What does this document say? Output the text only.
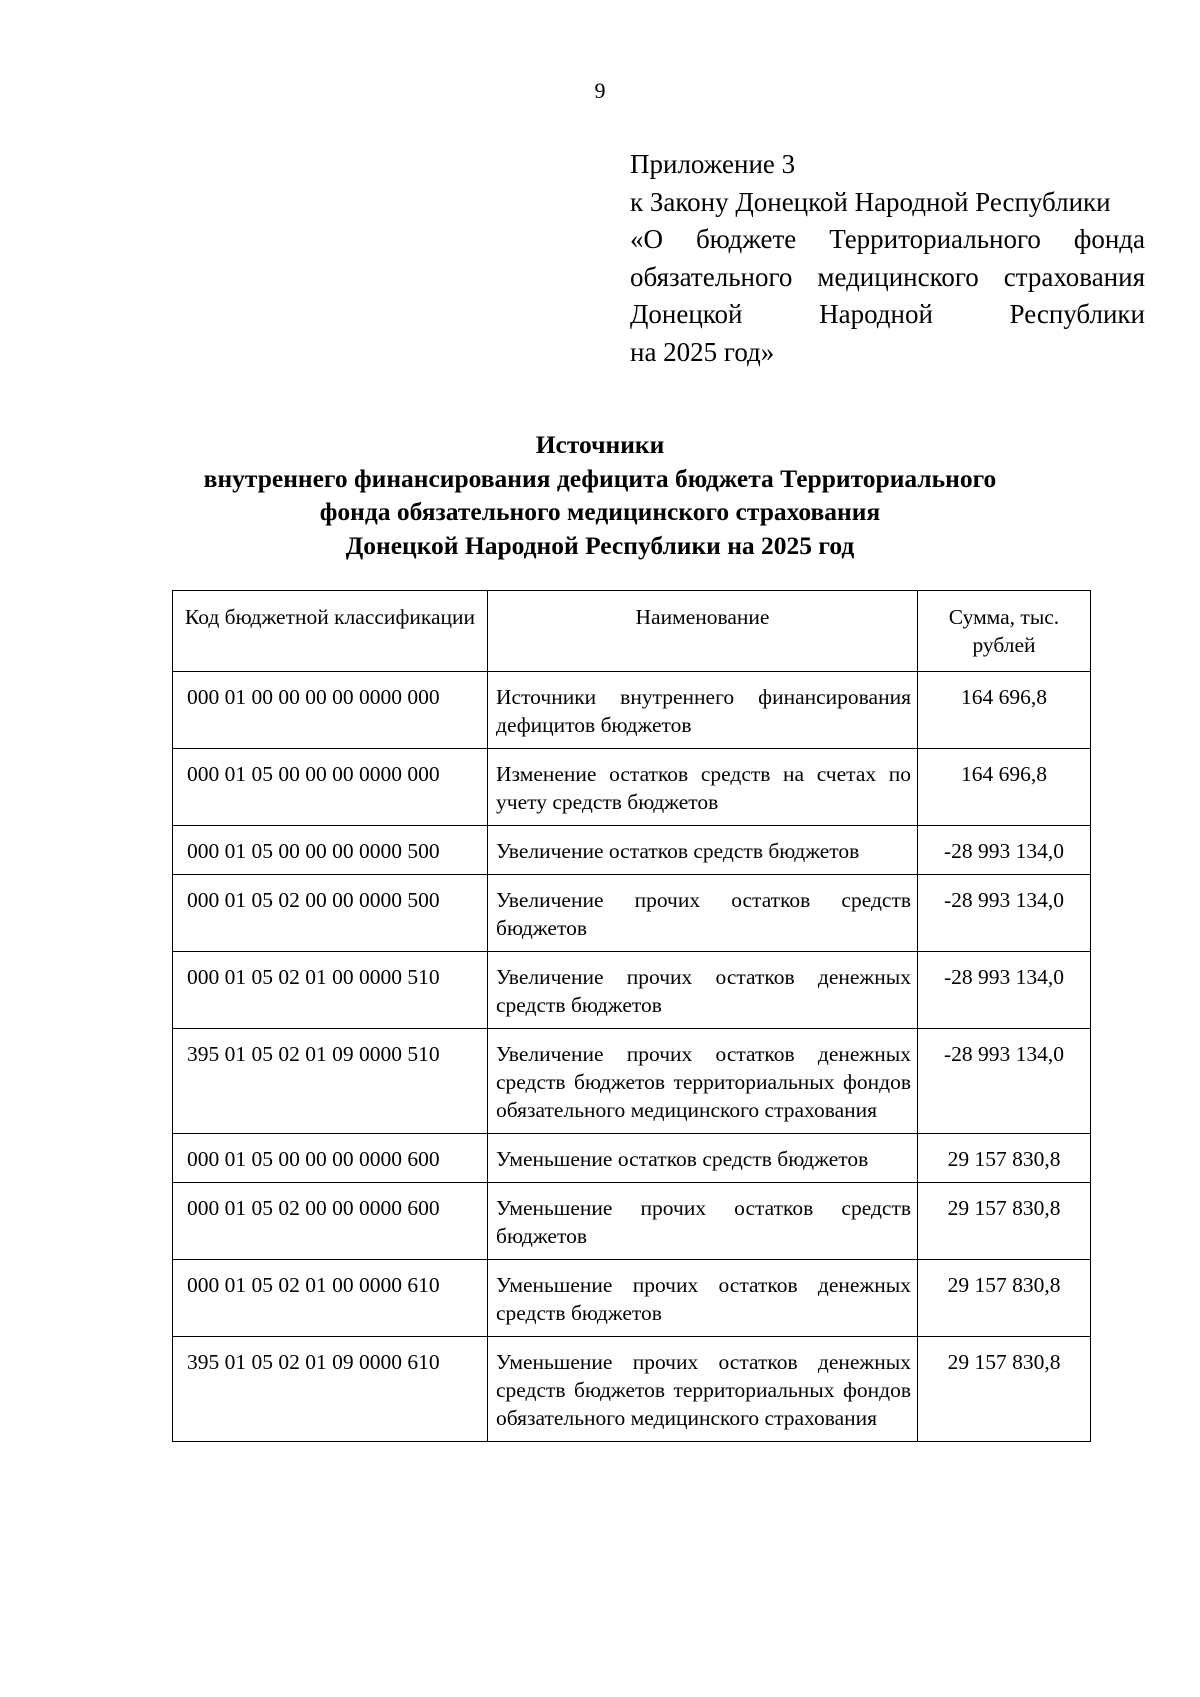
9
Приложение 3
к Закону Донецкой Народной Республики
«О бюджете Территориального фонда
обязательного медицинского страхования
Донецкой Народной Республики
на 2025 год»
Источники
внутреннего финансирования дефицита бюджета Территориального
фонда обязательного медицинского страхования
Донецкой Народной Республики на 2025 год
Код бюджетной классификации	Наименование	Сумма, тыс. рублей
000 01 00 00 00 00 0000 000	Источники внутреннего финансирования дефицитов бюджетов	164 696,8
000 01 05 00 00 00 0000 000	Изменение остатков средств на счетах по учету средств бюджетов	164 696,8
000 01 05 00 00 00 0000 500	Увеличение остатков средств бюджетов	-28 993 134,0
000 01 05 02 00 00 0000 500	Увеличение прочих остатков средств бюджетов	-28 993 134,0
000 01 05 02 01 00 0000 510	Увеличение прочих остатков денежных средств бюджетов	-28 993 134,0
395 01 05 02 01 09 0000 510	Увеличение прочих остатков денежных средств бюджетов территориальных фондов обязательного медицинского страхования	-28 993 134,0
000 01 05 00 00 00 0000 600	Уменьшение остатков средств бюджетов	29 157 830,8
000 01 05 02 00 00 0000 600	Уменьшение прочих остатков средств бюджетов	29 157 830,8
000 01 05 02 01 00 0000 610	Уменьшение прочих остатков денежных средств бюджетов	29 157 830,8
395 01 05 02 01 09 0000 610	Уменьшение прочих остатков денежных средств бюджетов территориальных фондов обязательного медицинского страхования	29 157 830,8
